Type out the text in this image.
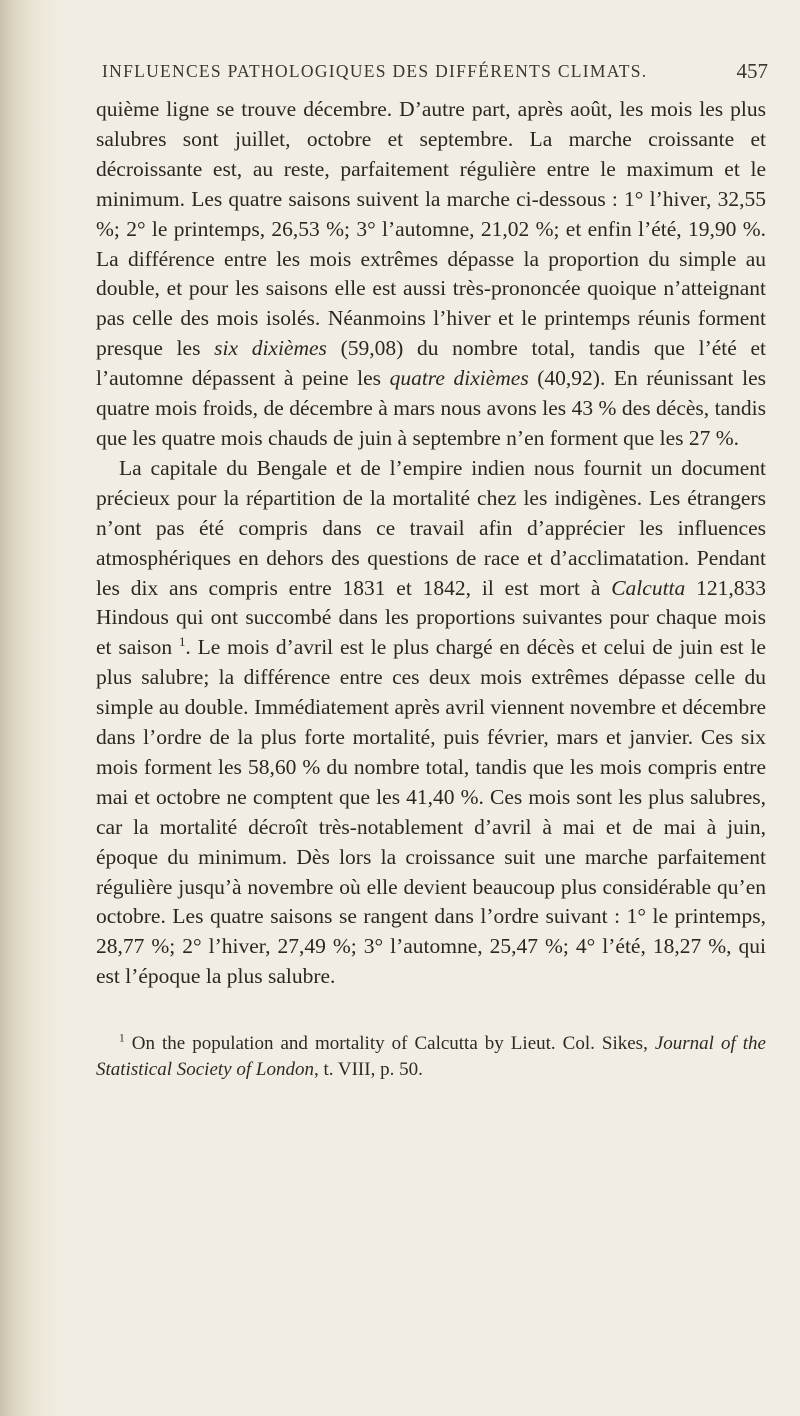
INFLUENCES PATHOLOGIQUES DES DIFFÉRENTS CLIMATS.	457

quième ligne se trouve décembre. D’autre part, après août, les mois les plus salubres sont juillet, octobre et septembre. La marche croissante et décroissante est, au reste, parfaitement régulière entre le maximum et le minimum. Les quatre saisons suivent la marche ci-dessous : 1° l’hiver, 32,55 %; 2° le printemps, 26,53 %; 3° l’automne, 21,02 %; et enfin l’été, 19,90 %. La différence entre les mois extrêmes dépasse la proportion du simple au double, et pour les saisons elle est aussi très-prononcée quoique n’atteignant pas celle des mois isolés. Néanmoins l’hiver et le printemps réunis forment presque les six dixièmes (59,08) du nombre total, tandis que l’été et l’automne dépassent à peine les quatre dixièmes (40,92). En réunissant les quatre mois froids, de décembre à mars nous avons les 43 % des décès, tandis que les quatre mois chauds de juin à septembre n’en forment que les 27 %.

La capitale du Bengale et de l’empire indien nous fournit un document précieux pour la répartition de la mortalité chez les indigènes. Les étrangers n’ont pas été compris dans ce travail afin d’apprécier les influences atmosphériques en dehors des questions de race et d’acclimatation. Pendant les dix ans compris entre 1831 et 1842, il est mort à Calcutta 121,833 Hindous qui ont succombé dans les proportions suivantes pour chaque mois et saison $^1$. Le mois d’avril est le plus chargé en décès et celui de juin est le plus salubre; la différence entre ces deux mois extrêmes dépasse celle du simple au double. Immédiatement après avril viennent novembre et décembre dans l’ordre de la plus forte mortalité, puis février, mars et janvier. Ces six mois forment les 58,60 % du nombre total, tandis que les mois compris entre mai et octobre ne comptent que les 41,40 %. Ces mois sont les plus salubres, car la mortalité décroît très-notablement d’avril à mai et de mai à juin, époque du minimum. Dès lors la croissance suit une marche parfaitement régulière jusqu’à novembre où elle devient beaucoup plus considérable qu’en octobre. Les quatre saisons se rangent dans l’ordre suivant : 1° le printemps, 28,77 %; 2° l’hiver, 27,49 %; 3° l’automne, 25,47 %; 4° l’été, 18,27 %, qui est l’époque la plus salubre.

$^1$ On the population and mortality of Calcutta by Lieut. Col. Sikes, Journal of the Statistical Society of London, t. VIII, p. 50.
